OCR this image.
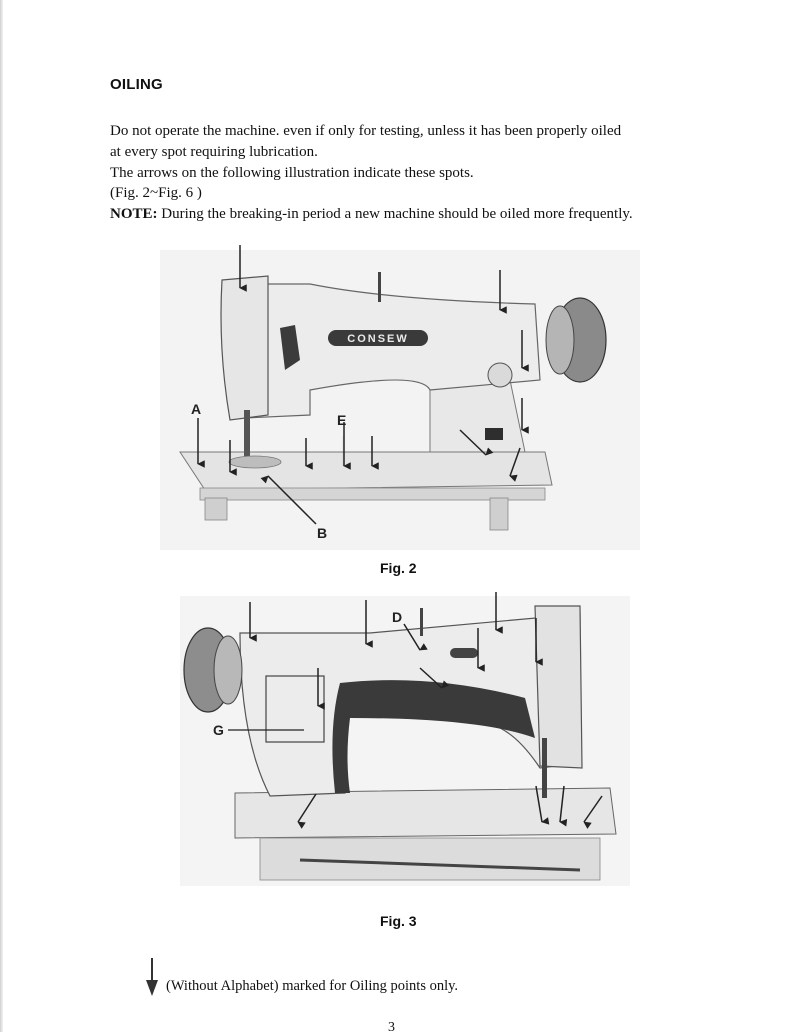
OILING

Do not operate the machine. even if only for testing, unless it has been properly oiled

at every spot requiring lubrication.

The arrows on the following illustration indicate these spots.

(Fig. 2~Fig. 6 )

NOTE: During the breaking-in period a new machine should be oiled more frequently.

CONSEW
A
E
B
Fig. 2
D
G
Fig. 3
(Without Alphabet) marked for Oiling points only.
3
